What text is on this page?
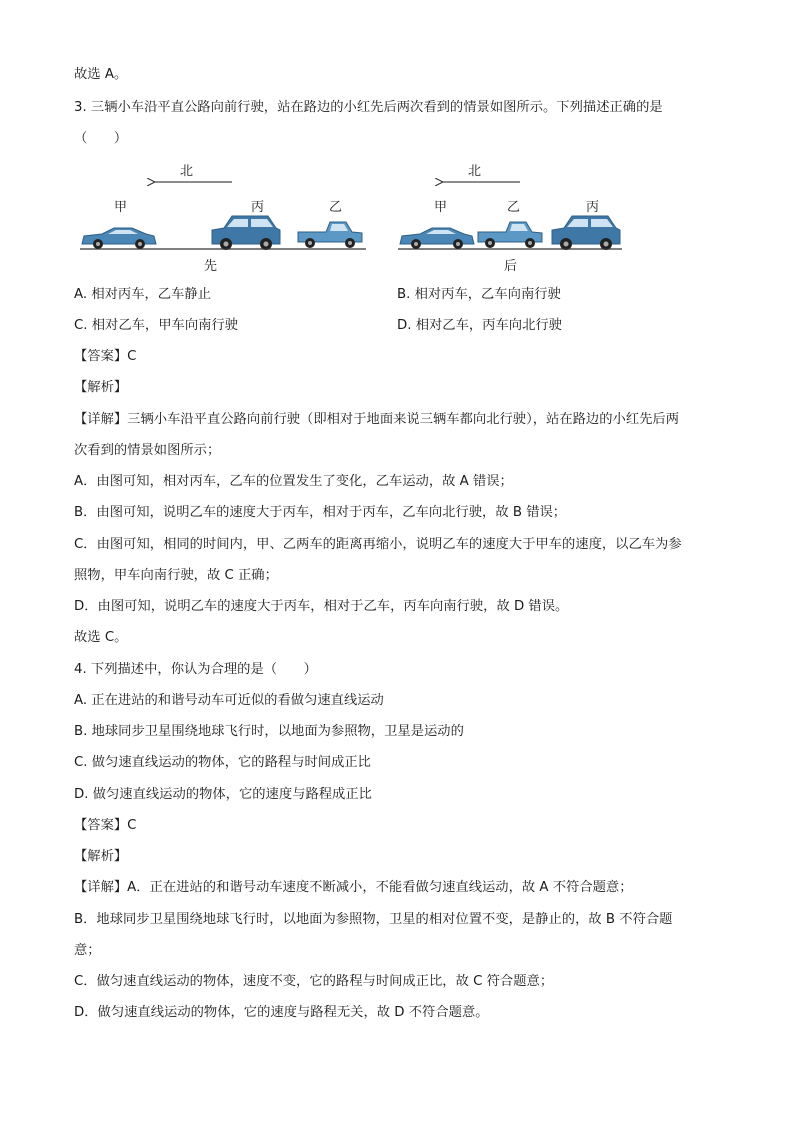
故选 A。
3. 三辆小车沿平直公路向前行驶，站在路边的小红先后两次看到的情景如图所示。下列描述正确的是
（　　）
北
甲	丙	乙
先
北
甲	乙	丙
后
A. 相对丙车，乙车静止	B. 相对丙车，乙车向南行驶
C. 相对乙车，甲车向南行驶	D. 相对乙车，丙车向北行驶
【答案】C
【解析】
【详解】三辆小车沿平直公路向前行驶（即相对于地面来说三辆车都向北行驶），站在路边的小红先后两
次看到的情景如图所示；
A．由图可知，相对丙车，乙车的位置发生了变化，乙车运动，故 A 错误；
B．由图可知，说明乙车的速度大于丙车，相对于丙车，乙车向北行驶，故 B 错误；
C．由图可知，相同的时间内，甲、乙两车的距离再缩小，说明乙车的速度大于甲车的速度，以乙车为参
照物，甲车向南行驶，故 C 正确；
D．由图可知，说明乙车的速度大于丙车，相对于乙车，丙车向南行驶，故 D 错误。
故选 C。
4. 下列描述中，你认为合理的是（　　）
A. 正在进站的和谐号动车可近似的看做匀速直线运动
B. 地球同步卫星围绕地球飞行时，以地面为参照物，卫星是运动的
C. 做匀速直线运动的物体，它的路程与时间成正比
D. 做匀速直线运动的物体，它的速度与路程成正比
【答案】C
【解析】
【详解】A．正在进站的和谐号动车速度不断减小，不能看做匀速直线运动，故 A 不符合题意；
B．地球同步卫星围绕地球飞行时，以地面为参照物，卫星的相对位置不变，是静止的，故 B 不符合题
意；
C．做匀速直线运动的物体，速度不变，它的路程与时间成正比，故 C 符合题意；
D．做匀速直线运动的物体，它的速度与路程无关，故 D 不符合题意。
